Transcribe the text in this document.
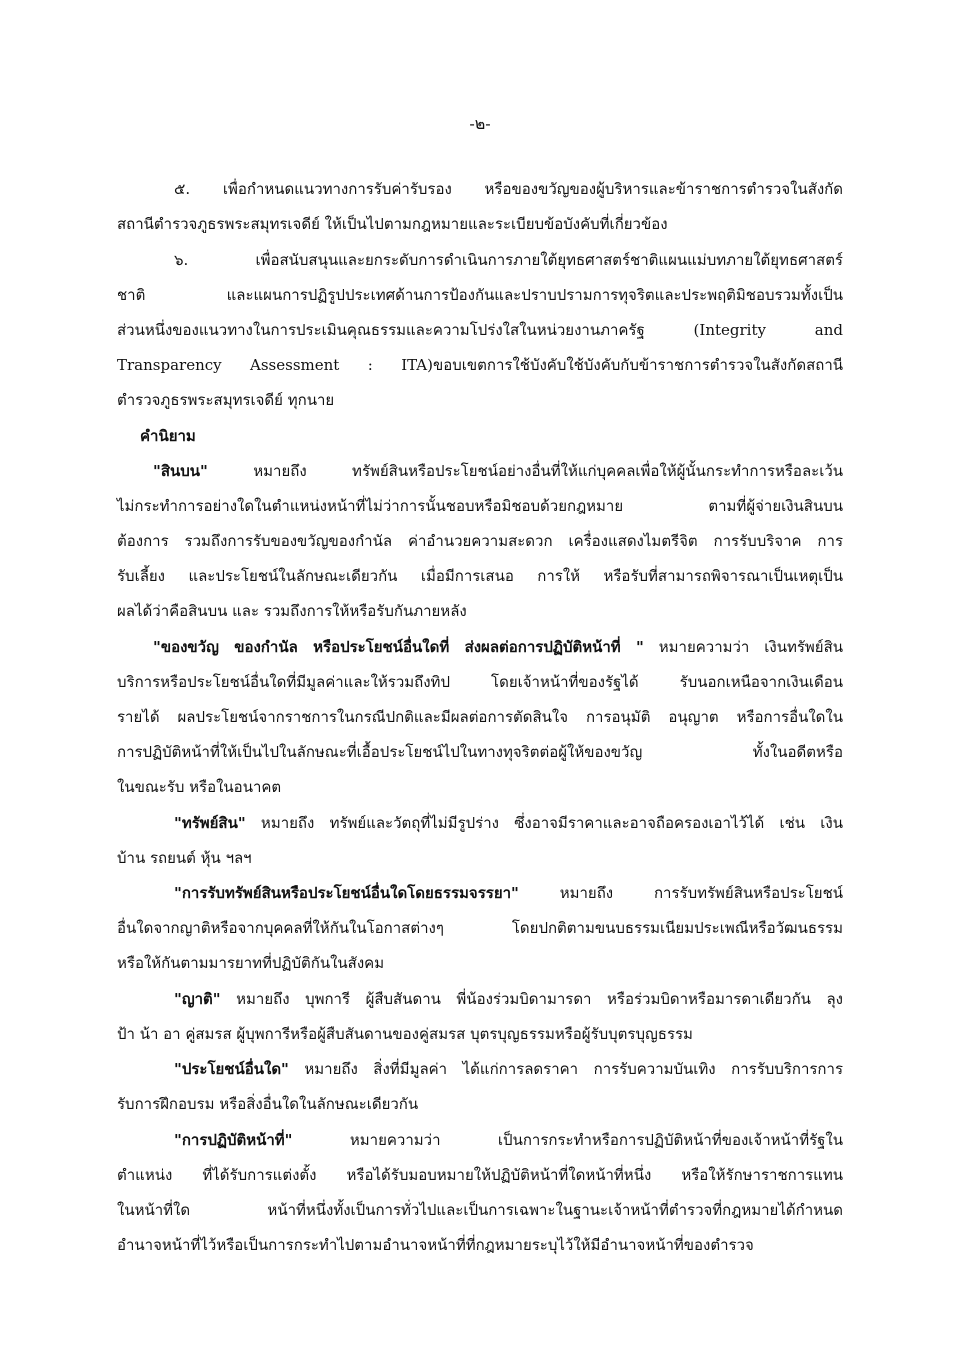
-๒-
๕. เพื่อกำหนดแนวทางการรับค่ารับรอง หรือของขวัญของผู้บริหารและข้าราชการตำรวจในสังกัด
สถานีตำรวจภูธรพระสมุทรเจดีย์ ให้เป็นไปตามกฎหมายและระเบียบข้อบังคับที่เกี่ยวข้อง
๖. เพื่อสนับสนุนและยกระดับการดำเนินการภายใต้ยุทธศาสตร์ชาติแผนแม่บทภายใต้ยุทธศาสตร์
ชาติ และแผนการปฏิรูปประเทศด้านการป้องกันและปราบปรามการทุจริตและประพฤติมิชอบรวมทั้งเป็น
ส่วนหนึ่งของแนวทางในการประเมินคุณธรรมและความโปร่งใสในหน่วยงานภาครัฐ (Integrity and
Transparency Assessment : ITA)ขอบเขตการใช้บังคับใช้บังคับกับข้าราชการตำรวจในสังกัดสถานี
ตำรวจภูธรพระสมุทรเจดีย์ ทุกนาย
คำนิยาม
"สินบน" หมายถึง ทรัพย์สินหรือประโยชน์อย่างอื่นที่ให้แก่บุคคลเพื่อให้ผู้นั้นกระทำการหรือละเว้น
ไม่กระทำการอย่างใดในตำแหน่งหน้าที่ไม่ว่าการนั้นชอบหรือมิชอบด้วยกฎหมาย ตามที่ผู้จ่ายเงินสินบน
ต้องการ รวมถึงการรับของขวัญของกำนัล ค่าอำนวยความสะดวก เครื่องแสดงไมตรีจิต การรับบริจาค การ
รับเลี้ยง และประโยชน์ในลักษณะเดียวกัน เมื่อมีการเสนอ การให้ หรือรับที่สามารถพิจารณาเป็นเหตุเป็น
ผลได้ว่าคือสินบน และ รวมถึงการให้หรือรับกันภายหลัง
"ของขวัญ ของกำนัล หรือประโยชน์อื่นใดที่ ส่งผลต่อการปฏิบัติหน้าที่ " หมายความว่า เงินทรัพย์สิน
บริการหรือประโยชน์อื่นใดที่มีมูลค่าและให้รวมถึงทิป โดยเจ้าหน้าที่ของรัฐได้ รับนอกเหนือจากเงินเดือน
รายได้ ผลประโยชน์จากราชการในกรณีปกติและมีผลต่อการตัดสินใจ การอนุมัติ อนุญาต หรือการอื่นใดใน
การปฏิบัติหน้าที่ให้เป็นไปในลักษณะที่เอื้อประโยชน์ไปในทางทุจริตต่อผู้ให้ของขวัญ ทั้งในอดีตหรือ
ในขณะรับ หรือในอนาคต
"ทรัพย์สิน" หมายถึง ทรัพย์และวัตถุที่ไม่มีรูปร่าง ซึ่งอาจมีราคาและอาจถือครองเอาไว้ได้ เช่น เงิน
บ้าน รถยนต์ หุ้น ฯลฯ
"การรับทรัพย์สินหรือประโยชน์อื่นใดโดยธรรมจรรยา" หมายถึง การรับทรัพย์สินหรือประโยชน์
อื่นใดจากญาติหรือจากบุคคลที่ให้กันในโอกาสต่างๆ โดยปกติตามขนบธรรมเนียมประเพณีหรือวัฒนธรรม
หรือให้กันตามมารยาทที่ปฏิบัติกันในสังคม
"ญาติ" หมายถึง บุพการี ผู้สืบสันดาน พี่น้องร่วมบิดามารดา หรือร่วมบิดาหรือมารดาเดียวกัน ลุง
ป้า น้า อา คู่สมรส ผู้บุพการีหรือผู้สืบสันดานของคู่สมรส บุตรบุญธรรมหรือผู้รับบุตรบุญธรรม
"ประโยชน์อื่นใด" หมายถึง สิ่งที่มีมูลค่า ได้แก่การลดราคา การรับความบันเทิง การรับบริการการ
รับการฝึกอบรม หรือสิ่งอื่นใดในลักษณะเดียวกัน
"การปฏิบัติหน้าที่" หมายความว่า เป็นการกระทำหรือการปฏิบัติหน้าที่ของเจ้าหน้าที่รัฐใน
ตำแหน่ง ที่ได้รับการแต่งตั้ง หรือได้รับมอบหมายให้ปฏิบัติหน้าที่ใดหน้าที่หนึ่ง หรือให้รักษาราชการแทน
ในหน้าที่ใด หน้าที่หนึ่งทั้งเป็นการทั่วไปและเป็นการเฉพาะในฐานะเจ้าหน้าที่ตำรวจที่กฎหมายได้กำหนด
อำนาจหน้าที่ไว้หรือเป็นการกระทำไปตามอำนาจหน้าที่ที่กฎหมายระบุไว้ให้มีอำนาจหน้าที่ของตำรวจ
